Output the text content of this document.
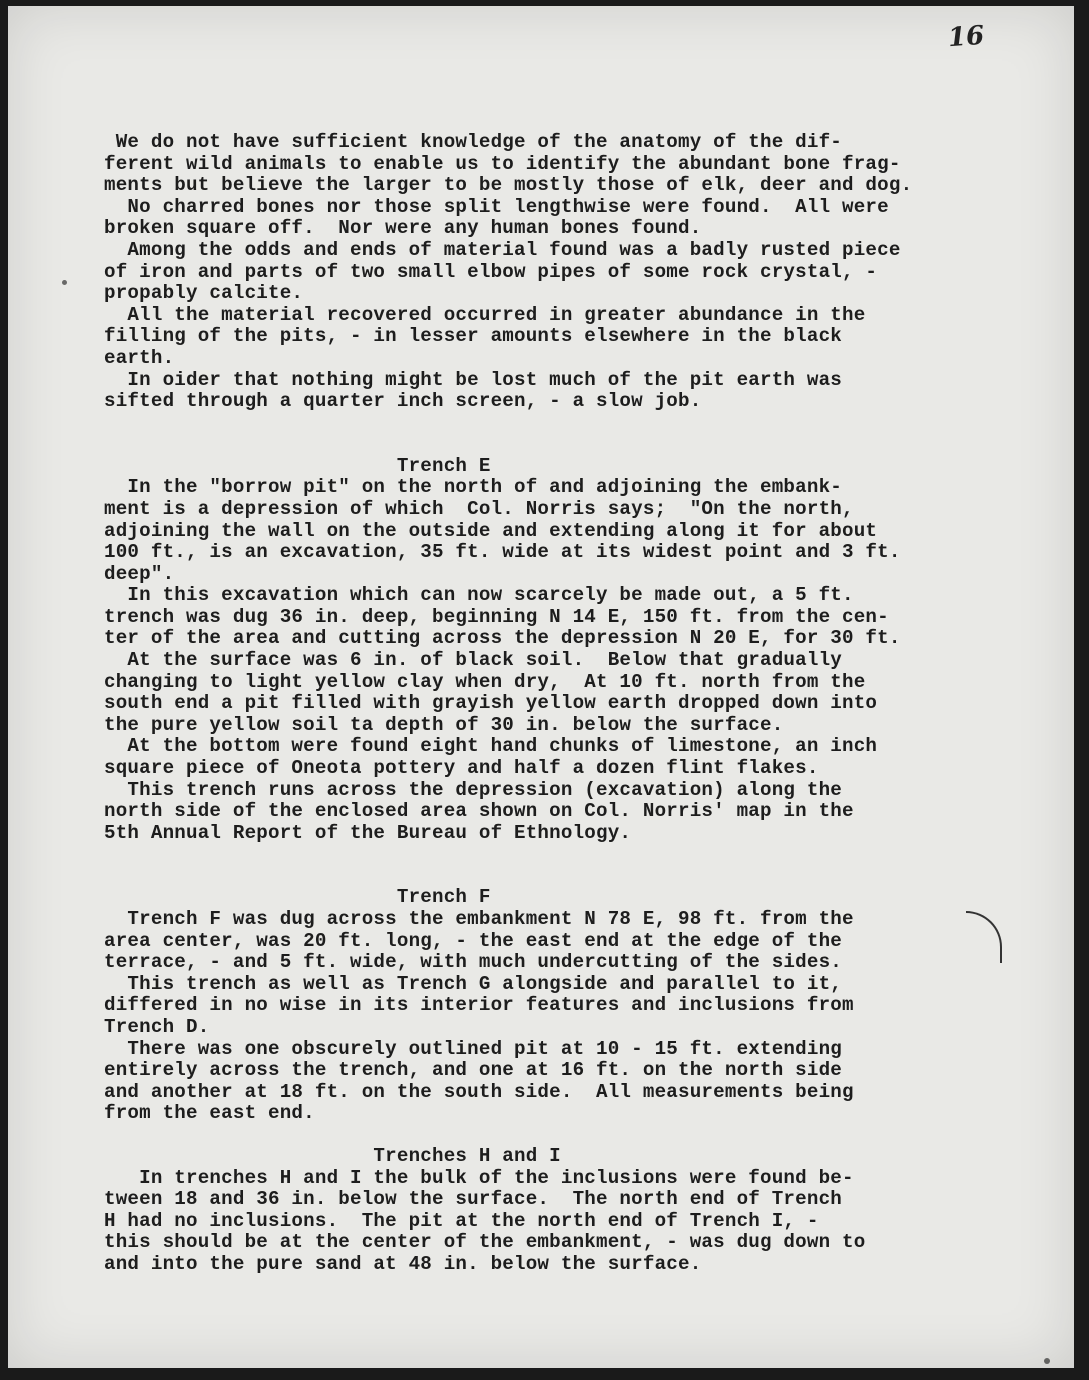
16
We do not have sufficient knowledge of the anatomy of the dif-
ferent wild animals to enable us to identify the abundant bone frag-
ments but believe the larger to be mostly those of elk, deer and dog.
No charred bones nor those split lengthwise were found.  All were
broken square off.  Nor were any human bones found.
Among the odds and ends of material found was a badly rusted piece
of iron and parts of two small elbow pipes of some rock crystal, -
propably calcite.
All the material recovered occurred in greater abundance in the
filling of the pits, - in lesser amounts elsewhere in the black
earth.
In oider that nothing might be lost much of the pit earth was
sifted through a quarter inch screen, - a slow job.
Trench E
In the "borrow pit" on the north of and adjoining the embank-
ment is a depression of which  Col. Norris says;  "On the north,
adjoining the wall on the outside and extending along it for about
100 ft., is an excavation, 35 ft. wide at its widest point and 3 ft.
deep".
In this excavation which can now scarcely be made out, a 5 ft.
trench was dug 36 in. deep, beginning N 14 E, 150 ft. from the cen-
ter of the area and cutting across the depression N 20 E, for 30 ft.
At the surface was 6 in. of black soil.  Below that gradually
changing to light yellow clay when dry,  At 10 ft. north from the
south end a pit filled with grayish yellow earth dropped down into
the pure yellow soil ta depth of 30 in. below the surface.
At the bottom were found eight hand chunks of limestone, an inch
square piece of Oneota pottery and half a dozen flint flakes.
This trench runs across the depression (excavation) along the
north side of the enclosed area shown on Col. Norris' map in the
5th Annual Report of the Bureau of Ethnology.
Trench F
Trench F was dug across the embankment N 78 E, 98 ft. from the
area center, was 20 ft. long, - the east end at the edge of the
terrace, - and 5 ft. wide, with much undercutting of the sides.
This trench as well as Trench G alongside and parallel to it,
differed in no wise in its interior features and inclusions from
Trench D.
There was one obscurely outlined pit at 10 - 15 ft. extending
entirely across the trench, and one at 16 ft. on the north side
and another at 18 ft. on the south side.  All measurements being
from the east end.
Trenches H and I
In trenches H and I the bulk of the inclusions were found be-
tween 18 and 36 in. below the surface.  The north end of Trench
H had no inclusions.  The pit at the north end of Trench I, -
this should be at the center of the embankment, - was dug down to
and into the pure sand at 48 in. below the surface.
